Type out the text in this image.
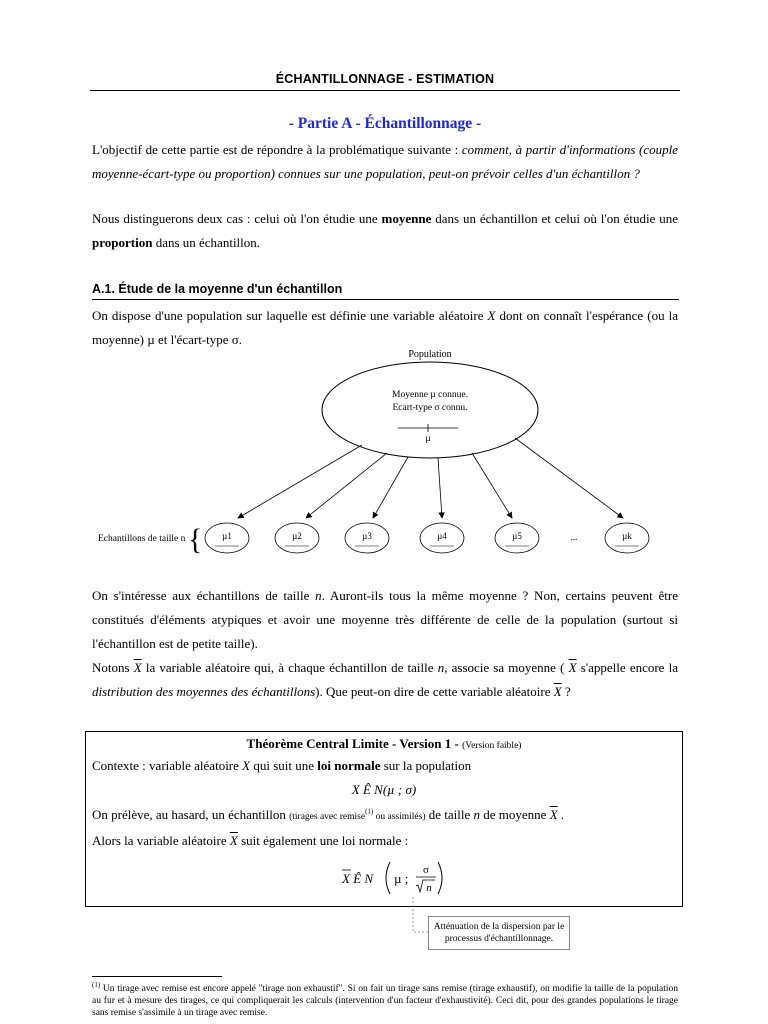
ÉCHANTILLONNAGE - ESTIMATION
- Partie A - Échantillonnage -
L'objectif de cette partie est de répondre à la problématique suivante : comment, à partir d'informations (couple moyenne-écart-type ou proportion) connues sur une population, peut-on prévoir celles d'un échantillon ?
Nous distinguerons deux cas : celui où l'on étudie une moyenne dans un échantillon et celui où l'on étudie une proportion dans un échantillon.
A.1. Étude de la moyenne d'un échantillon
On dispose d'une population sur laquelle est définie une variable aléatoire X dont on connaît l'espérance (ou la moyenne) µ et l'écart-type σ.
Population
Moyenne µ connue.
Ecart-type σ connu.
µ
Echantillons de taille n { µ1	µ2	µ3	µ4	µ5	...	µk
On s'intéresse aux échantillons de taille n. Auront-ils tous la même moyenne ? Non, certains peuvent être constitués d'éléments atypiques et avoir une moyenne très différente de celle de la population (surtout si l'échantillon est de petite taille).
Notons $\overline{X}$ la variable aléatoire qui, à chaque échantillon de taille n, associe sa moyenne ( $\overline{X}$ s'appelle encore la distribution des moyennes des échantillons). Que peut-on dire de cette variable aléatoire $\overline{X}$ ?
Théorème Central Limite - Version 1 - (Version faible)
Contexte : variable aléatoire X qui suit une loi normale sur la population
X Ê N(µ ; σ)
On prélève, au hasard, un échantillon (tirages avec remise$^{(1)}$ ou assimilés) de taille n de moyenne $\overline{X}$ .
Alors la variable aléatoire $\overline{X}$ suit également une loi normale :
X Ê N µ ;
σ
n
Atténuation de la dispersion par le processus d'échantillonnage.
$^{(1)}$ Un tirage avec remise est encore appelé "tirage non exhaustif". Si on fait un tirage sans remise (tirage exhaustif), on modifie la taille de la population au fur et à mesure des tirages, ce qui compliquerait les calculs (intervention d'un facteur d'exhaustivité). Ceci dit, pour des grandes populations le tirage sans remise s'assimile à un tirage avec remise.
